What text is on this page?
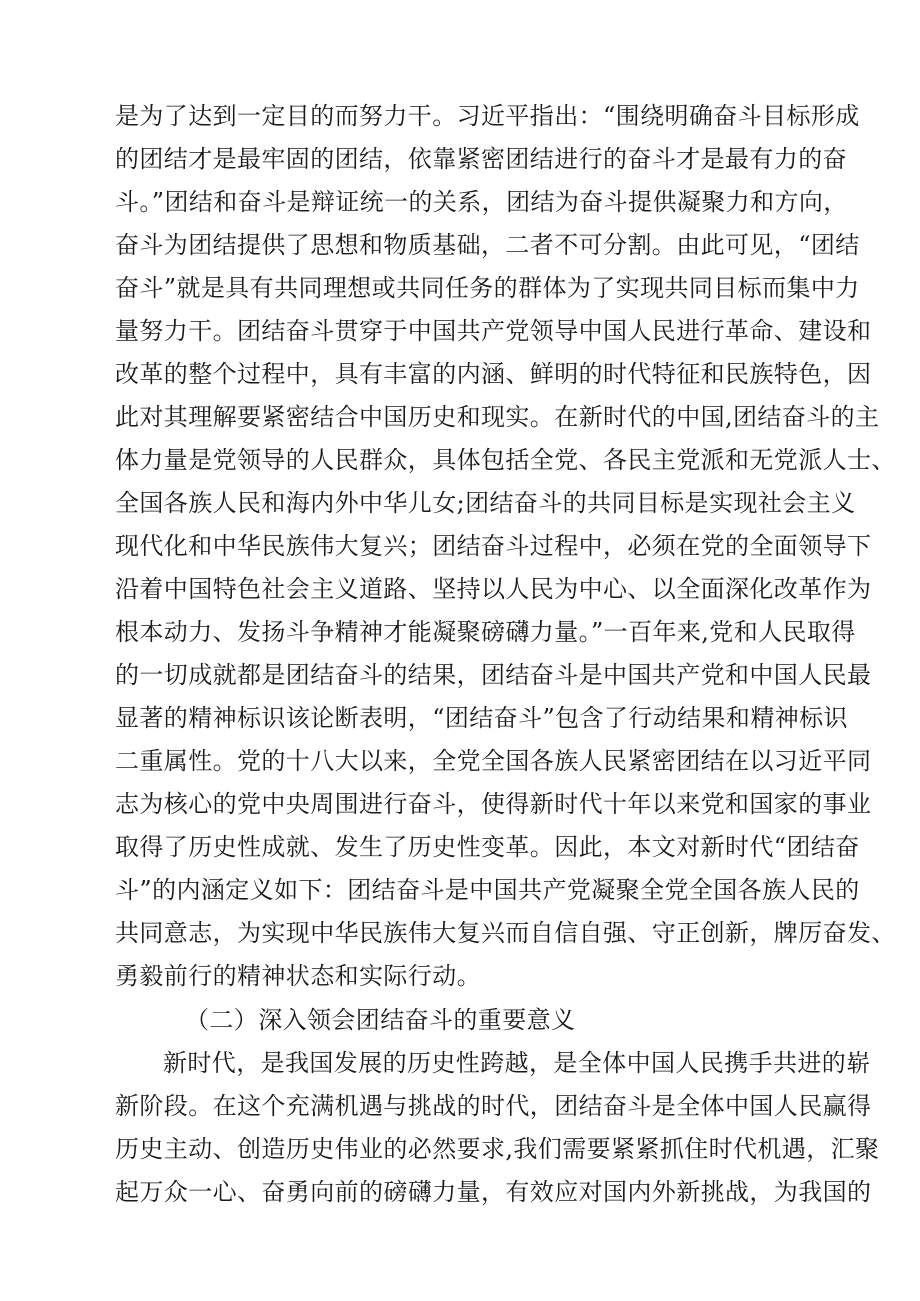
是为了达到一定目的而努力干。习近平指出：“围绕明确奋斗目标形成
的团结才是最牢固的团结，依靠紧密团结进行的奋斗才是最有力的奋
斗。”团结和奋斗是辩证统一的关系，团结为奋斗提供凝聚力和方向，
奋斗为团结提供了思想和物质基础，二者不可分割。由此可见，“团结
奋斗”就是具有共同理想或共同任务的群体为了实现共同目标而集中力
量努力干。团结奋斗贯穿于中国共产党领导中国人民进行革命、建设和
改革的整个过程中，具有丰富的内涵、鲜明的时代特征和民族特色，因
此对其理解要紧密结合中国历史和现实。在新时代的中国,团结奋斗的主
体力量是党领导的人民群众，具体包括全党、各民主党派和无党派人士、
全国各族人民和海内外中华儿女;团结奋斗的共同目标是实现社会主义
现代化和中华民族伟大复兴；团结奋斗过程中，必须在党的全面领导下
沿着中国特色社会主义道路、坚持以人民为中心、以全面深化改革作为
根本动力、发扬斗争精神才能凝聚磅礴力量。”一百年来,党和人民取得
的一切成就都是团结奋斗的结果，团结奋斗是中国共产党和中国人民最
显著的精神标识该论断表明，“团结奋斗”包含了行动结果和精神标识
二重属性。党的十八大以来，全党全国各族人民紧密团结在以习近平同
志为核心的党中央周围进行奋斗，使得新时代十年以来党和国家的事业
取得了历史性成就、发生了历史性变革。因此，本文对新时代“团结奋
斗”的内涵定义如下：团结奋斗是中国共产党凝聚全党全国各族人民的
共同意志，为实现中华民族伟大复兴而自信自强、守正创新，牌厉奋发、
勇毅前行的精神状态和实际行动。
（二）深入领会团结奋斗的重要意义
新时代，是我国发展的历史性跨越，是全体中国人民携手共进的崭
新阶段。在这个充满机遇与挑战的时代，团结奋斗是全体中国人民赢得
历史主动、创造历史伟业的必然要求,我们需要紧紧抓住时代机遇，汇聚
起万众一心、奋勇向前的磅礴力量，有效应对国内外新挑战，为我国的
